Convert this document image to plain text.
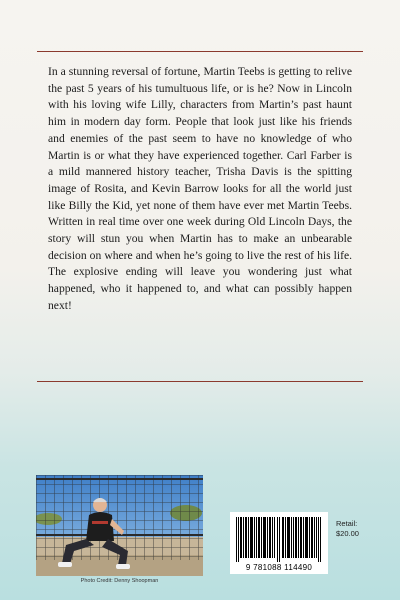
In a stunning reversal of fortune, Martin Teebs is getting to relive the past 5 years of his tumultuous life, or is he? Now in Lincoln with his loving wife Lilly, characters from Martin’s past haunt him in modern day form. People that look just like his friends and enemies of the past seem to have no knowledge of who Martin is or what they have experienced together. Carl Farber is a mild mannered history teacher, Trisha Davis is the spitting image of Rosita, and Kevin Barrow looks for all the world just like Billy the Kid, yet none of them have ever met Martin Teebs. Written in real time over one week during Old Lincoln Days, the story will stun you when Martin has to make an unbearable decision on where and when he’s going to live the rest of his life. The explosive ending will leave you wondering just what happened, who it happened to, and what can possibly happen next!

Photo Credit: Denny Shoopman
9 781088 114490
Retail:
$20.00
